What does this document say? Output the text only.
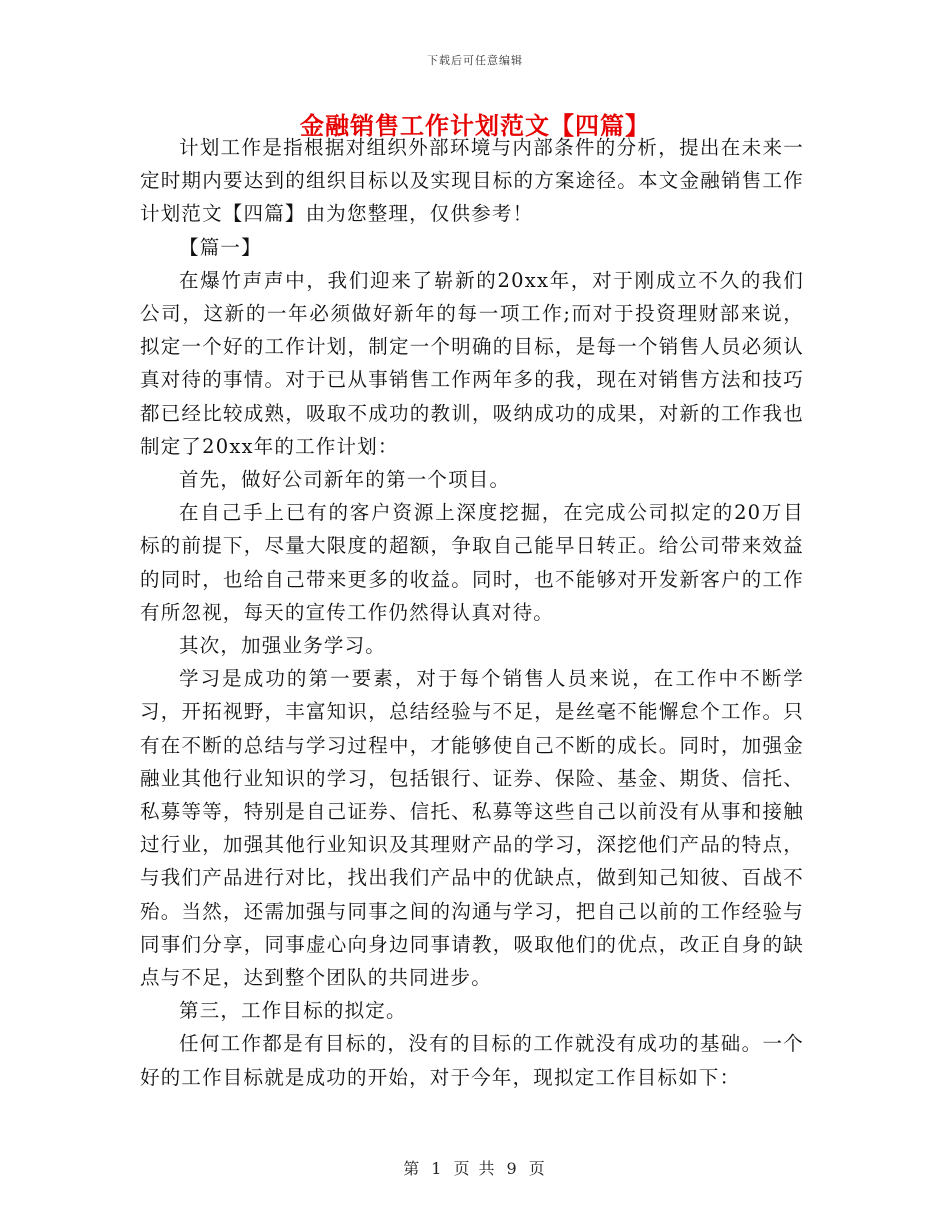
下载后可任意编辑
金融销售工作计划范文【四篇】

计划工作是指根据对组织外部环境与内部条件的分析，提出在未来一定时期内要达到的组织目标以及实现目标的方案途径。本文金融销售工作计划范文【四篇】由为您整理，仅供参考！

【篇一】

在爆竹声声中，我们迎来了崭新的20xx年，对于刚成立不久的我们公司，这新的一年必须做好新年的每一项工作;而对于投资理财部来说，拟定一个好的工作计划，制定一个明确的目标，是每一个销售人员必须认真对待的事情。对于已从事销售工作两年多的我，现在对销售方法和技巧都已经比较成熟，吸取不成功的教训，吸纳成功的成果，对新的工作我也制定了20xx年的工作计划：

首先，做好公司新年的第一个项目。

在自己手上已有的客户资源上深度挖掘，在完成公司拟定的20万目标的前提下，尽量大限度的超额，争取自己能早日转正。给公司带来效益的同时，也给自己带来更多的收益。同时，也不能够对开发新客户的工作有所忽视，每天的宣传工作仍然得认真对待。

其次，加强业务学习。

学习是成功的第一要素，对于每个销售人员来说，在工作中不断学习，开拓视野，丰富知识，总结经验与不足，是丝毫不能懈怠个工作。只有在不断的总结与学习过程中，才能够使自己不断的成长。同时，加强金融业其他行业知识的学习，包括银行、证券、保险、基金、期货、信托、私募等等，特别是自己证券、信托、私募等这些自己以前没有从事和接触过行业，加强其他行业知识及其理财产品的学习，深挖他们产品的特点，与我们产品进行对比，找出我们产品中的优缺点，做到知己知彼、百战不殆。当然，还需加强与同事之间的沟通与学习，把自己以前的工作经验与同事们分享，同事虚心向身边同事请教，吸取他们的优点，改正自身的缺点与不足，达到整个团队的共同进步。

第三，工作目标的拟定。

任何工作都是有目标的，没有的目标的工作就没有成功的基础。一个好的工作目标就是成功的开始，对于今年，现拟定工作目标如下：

第 1 页 共 9 页
